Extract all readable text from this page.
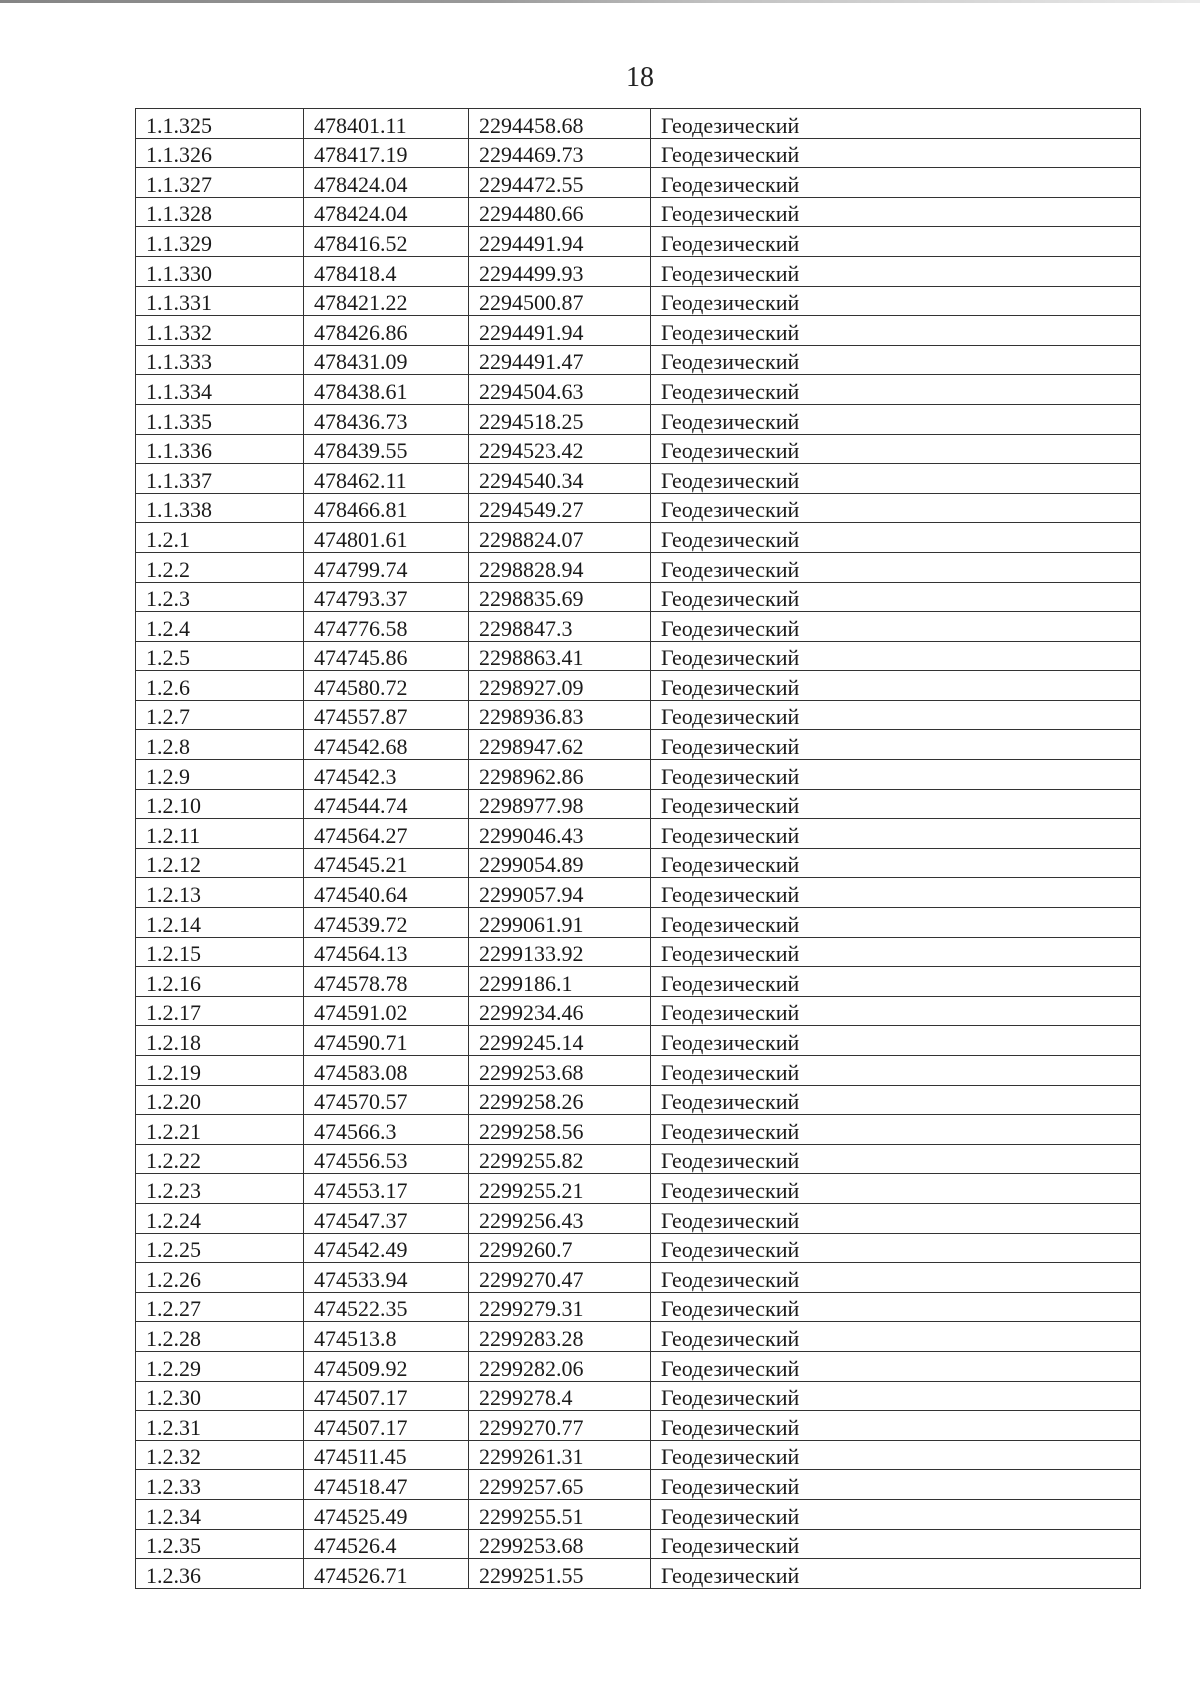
18
1.1.325	478401.11	2294458.68	Геодезический
1.1.326	478417.19	2294469.73	Геодезический
1.1.327	478424.04	2294472.55	Геодезический
1.1.328	478424.04	2294480.66	Геодезический
1.1.329	478416.52	2294491.94	Геодезический
1.1.330	478418.4	2294499.93	Геодезический
1.1.331	478421.22	2294500.87	Геодезический
1.1.332	478426.86	2294491.94	Геодезический
1.1.333	478431.09	2294491.47	Геодезический
1.1.334	478438.61	2294504.63	Геодезический
1.1.335	478436.73	2294518.25	Геодезический
1.1.336	478439.55	2294523.42	Геодезический
1.1.337	478462.11	2294540.34	Геодезический
1.1.338	478466.81	2294549.27	Геодезический
1.2.1	474801.61	2298824.07	Геодезический
1.2.2	474799.74	2298828.94	Геодезический
1.2.3	474793.37	2298835.69	Геодезический
1.2.4	474776.58	2298847.3	Геодезический
1.2.5	474745.86	2298863.41	Геодезический
1.2.6	474580.72	2298927.09	Геодезический
1.2.7	474557.87	2298936.83	Геодезический
1.2.8	474542.68	2298947.62	Геодезический
1.2.9	474542.3	2298962.86	Геодезический
1.2.10	474544.74	2298977.98	Геодезический
1.2.11	474564.27	2299046.43	Геодезический
1.2.12	474545.21	2299054.89	Геодезический
1.2.13	474540.64	2299057.94	Геодезический
1.2.14	474539.72	2299061.91	Геодезический
1.2.15	474564.13	2299133.92	Геодезический
1.2.16	474578.78	2299186.1	Геодезический
1.2.17	474591.02	2299234.46	Геодезический
1.2.18	474590.71	2299245.14	Геодезический
1.2.19	474583.08	2299253.68	Геодезический
1.2.20	474570.57	2299258.26	Геодезический
1.2.21	474566.3	2299258.56	Геодезический
1.2.22	474556.53	2299255.82	Геодезический
1.2.23	474553.17	2299255.21	Геодезический
1.2.24	474547.37	2299256.43	Геодезический
1.2.25	474542.49	2299260.7	Геодезический
1.2.26	474533.94	2299270.47	Геодезический
1.2.27	474522.35	2299279.31	Геодезический
1.2.28	474513.8	2299283.28	Геодезический
1.2.29	474509.92	2299282.06	Геодезический
1.2.30	474507.17	2299278.4	Геодезический
1.2.31	474507.17	2299270.77	Геодезический
1.2.32	474511.45	2299261.31	Геодезический
1.2.33	474518.47	2299257.65	Геодезический
1.2.34	474525.49	2299255.51	Геодезический
1.2.35	474526.4	2299253.68	Геодезический
1.2.36	474526.71	2299251.55	Геодезический
